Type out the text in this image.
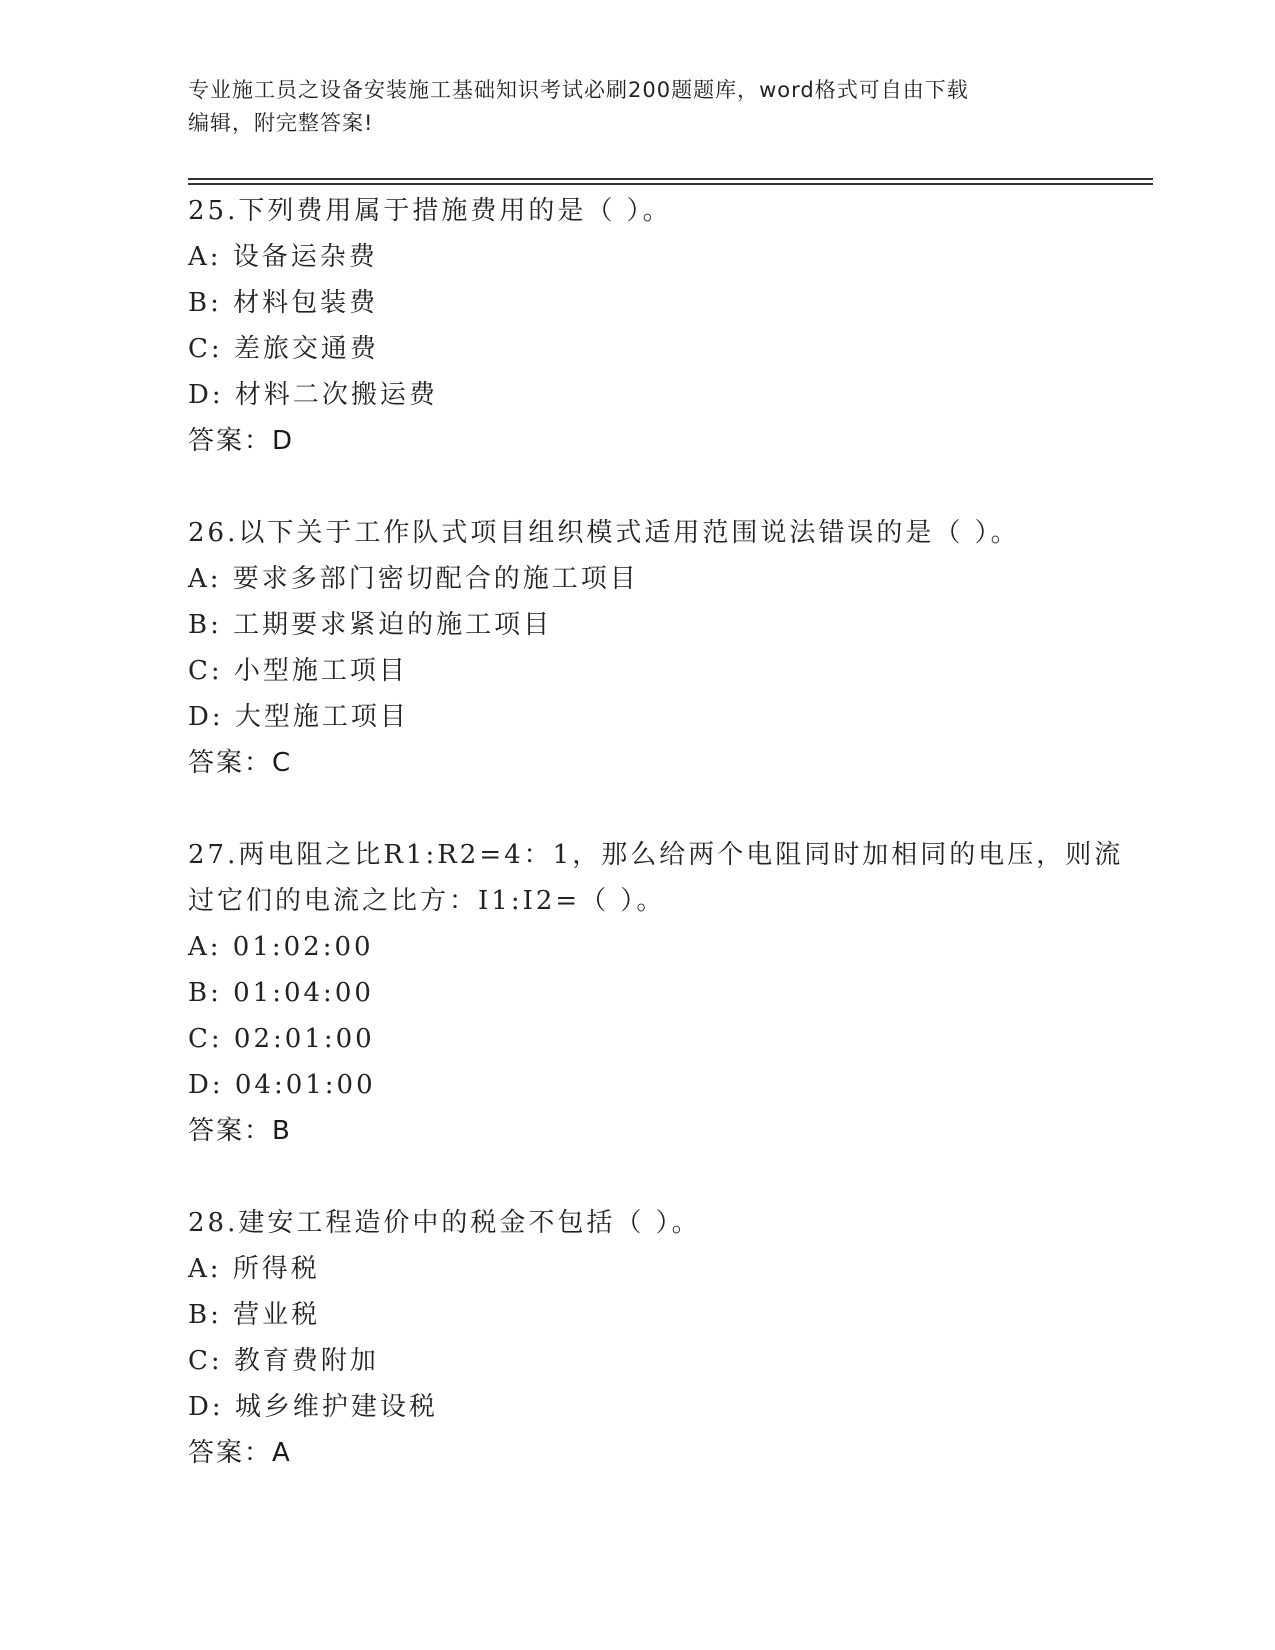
专业施工员之设备安装施工基础知识考试必刷200题题库，word格式可自由下载
编辑，附完整答案!
25.下列费用属于措施费用的是（ ）。
A: 设备运杂费
B: 材料包装费
C: 差旅交通费
D: 材料二次搬运费
答案：D
26.以下关于工作队式项目组织模式适用范围说法错误的是（ ）。
A: 要求多部门密切配合的施工项目
B: 工期要求紧迫的施工项目
C: 小型施工项目
D: 大型施工项目
答案：C
27.两电阻之比R1:R2=4：1，那么给两个电阻同时加相同的电压，则流
过它们的电流之比方：I1:I2=（ ）。
A: 01:02:00
B: 01:04:00
C: 02:01:00
D: 04:01:00
答案：B
28.建安工程造价中的税金不包括（ ）。
A: 所得税
B: 营业税
C: 教育费附加
D: 城乡维护建设税
答案：A
